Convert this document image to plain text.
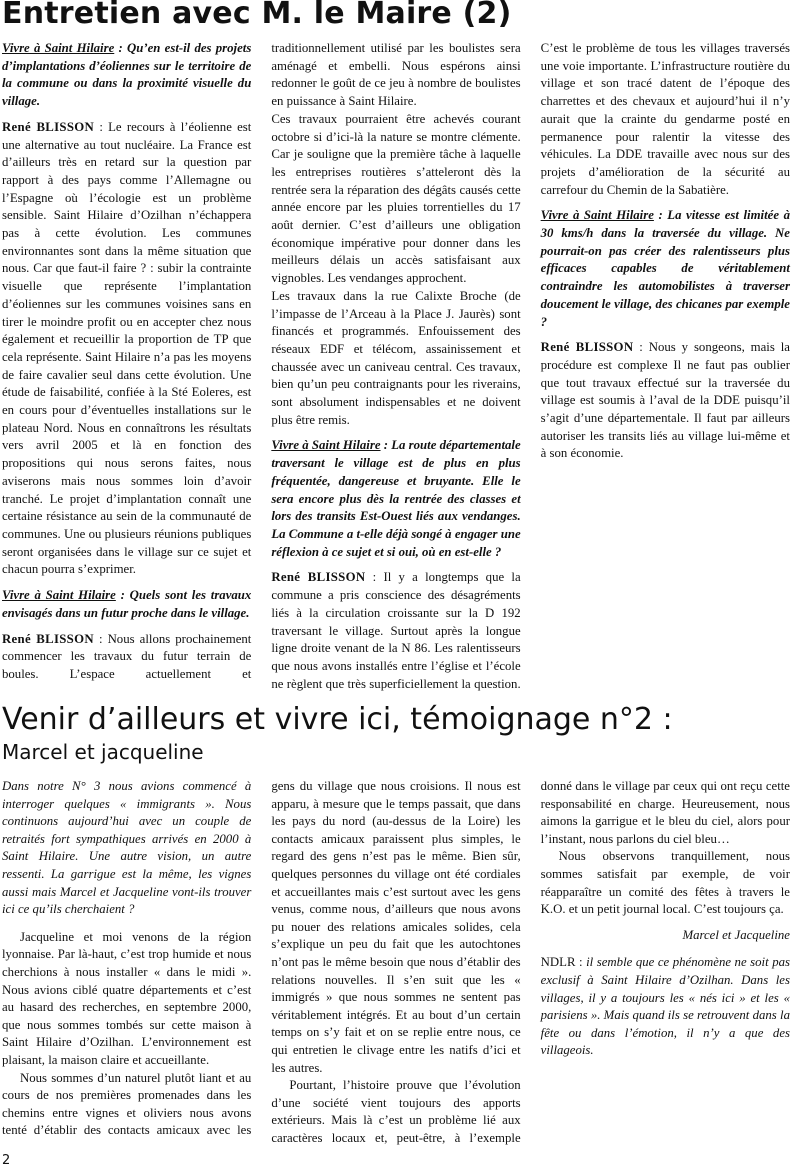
Entretien avec M. le Maire (2)

Vivre à Saint Hilaire : Qu’en est-il des projets d’implantations d’éoliennes sur le territoire de la commune ou dans la proximité visuelle du village.

René BLISSON : Le recours à l’éolienne est une alternative au tout nucléaire. La France est d’ailleurs très en retard sur la question par rapport à des pays comme l’Allemagne ou l’Espagne où l’écologie est un problème sensible. Saint Hilaire d’Ozilhan n’échappera pas à cette évolution. Les communes environnantes sont dans la même situation que nous. Car que faut-il faire ? : subir la contrainte visuelle que représente l’implantation d’éoliennes sur les communes voisines sans en tirer le moindre profit ou en accepter chez nous également et recueillir la proportion de TP que cela représente. Saint Hilaire n’a pas les moyens de faire cavalier seul dans cette évolution. Une étude de faisabilité, confiée à la Sté Eoleres, est en cours pour d’éventuelles installations sur le plateau Nord. Nous en connaîtrons les résultats vers avril 2005 et là en fonction des propositions qui nous serons faites, nous aviserons mais nous sommes loin d’avoir tranché. Le projet d’implantation connaît une certaine résistance au sein de la communauté de communes. Une ou plusieurs réunions publiques seront organisées dans le village sur ce sujet et chacun pourra s’exprimer.

Vivre à Saint Hilaire : Quels sont les travaux envisagés dans un futur proche dans le village.

René BLISSON : Nous allons prochainement commencer les travaux du futur terrain de boules. L’espace actuellement et traditionnellement utilisé par les boulistes sera aménagé et embelli. Nous espérons ainsi redonner le goût de ce jeu à nombre de boulistes en puissance à Saint Hilaire.

Ces travaux pourraient être achevés courant octobre si d’ici-là la nature se montre clémente. Car je souligne que la première tâche à laquelle les entreprises routières s’atteleront dès la rentrée sera la réparation des dégâts causés cette année encore par les pluies torrentielles du 17 août dernier. C’est d’ailleurs une obligation économique impérative pour donner dans les meilleurs délais un accès satisfaisant aux vignobles. Les vendanges approchent.

Les travaux dans la rue Calixte Broche (de l’impasse de l’Arceau à la Place J. Jaurès) sont financés et programmés. Enfouissement des réseaux EDF et télécom, assainissement et chaussée avec un caniveau central. Ces travaux, bien qu’un peu contraignants pour les riverains, sont absolument indispensables et ne doivent plus être remis.

Vivre à Saint Hilaire : La route départementale traversant le village est de plus en plus fréquentée, dangereuse et bruyante. Elle le sera encore plus dès la rentrée des classes et lors des transits Est-Ouest liés aux vendanges. La Commune a t-elle déjà songé à engager une réflexion à ce sujet et si oui, où en est-elle ?

René BLISSON : Il y a longtemps que la commune a pris conscience des désagréments liés à la circulation croissante sur la D 192 traversant le village. Surtout après la longue ligne droite venant de la N 86. Les ralentisseurs que nous avons installés entre l’église et l’école ne règlent que très superficiellement la question. C’est le problème de tous les villages traversés une voie importante. L’infrastructure routière du village et son tracé datent de l’époque des charrettes et des chevaux et aujourd’hui il n’y aurait que la crainte du gendarme posté en permanence pour ralentir la vitesse des véhicules. La DDE travaille avec nous sur des projets d’amélioration de la sécurité au carrefour du Chemin de la Sabatière.

Vivre à Saint Hilaire : La vitesse est limitée à 30 kms/h dans la traversée du village. Ne pourrait-on pas créer des ralentisseurs plus efficaces capables de véritablement contraindre les automobilistes à traverser doucement le village, des chicanes par exemple ?

René BLISSON : Nous y songeons, mais la procédure est complexe Il ne faut pas oublier que tout travaux effectué sur la traversée du village est soumis à l’aval de la DDE puisqu’il s’agit d’une départementale. Il faut par ailleurs autoriser les transits liés au village lui-même et à son économie.

Venir d’ailleurs et vivre ici, témoignage n°2 :
Marcel et jacqueline

Dans notre N° 3 nous avions commencé à interroger quelques « immigrants ». Nous continuons aujourd’hui avec un couple de retraités fort sympathiques arrivés en 2000 à Saint Hilaire. Une autre vision, un autre ressenti. La garrigue est la même, les vignes aussi mais Marcel et Jacqueline vont-ils trouver ici ce qu’ils cherchaient ?

Jacqueline et moi venons de la région lyonnaise. Par là-haut, c’est trop humide et nous cherchions à nous installer « dans le midi ». Nous avions ciblé quatre départements et c’est au hasard des recherches, en septembre 2000, que nous sommes tombés sur cette maison à Saint Hilaire d’Ozilhan. L’environnement est plaisant, la maison claire et accueillante.

Nous sommes d’un naturel plutôt liant et au cours de nos premières promenades dans les chemins entre vignes et oliviers nous avons tenté d’établir des contacts amicaux avec les gens du village que nous croisions. Il nous est apparu, à mesure que le temps passait, que dans les pays du nord (au-dessus de la Loire) les contacts amicaux paraissent plus simples, le regard des gens n’est pas le même. Bien sûr, quelques personnes du village ont été cordiales et accueillantes mais c’est surtout avec les gens venus, comme nous, d’ailleurs que nous avons pu nouer des relations amicales solides, cela s’explique un peu du fait que les autochtones n’ont pas le même besoin que nous d’établir des relations nouvelles. Il s’en suit que les « immigrés » que nous sommes ne sentent pas véritablement intégrés. Et au bout d’un certain temps on s’y fait et on se replie entre nous, ce qui entretien le clivage entre les natifs d’ici et les autres.

Pourtant, l’histoire prouve que l’évolution d’une société vient toujours des apports extérieurs. Mais là c’est un problème lié aux caractères locaux et, peut-être, à l’exemple donné dans le village par ceux qui ont reçu cette responsabilité en charge. Heureusement, nous aimons la garrigue et le bleu du ciel, alors pour l’instant, nous parlons du ciel bleu…

Nous observons tranquillement, nous sommes satisfait par exemple, de voir réapparaître un comité des fêtes à travers le K.O. et un petit journal local. C’est toujours ça.

Marcel et Jacqueline

NDLR : il semble que ce phénomène ne soit pas exclusif à Saint Hilaire d’Ozilhan. Dans les villages, il y a toujours les « nés ici » et les « parisiens ». Mais quand ils se retrouvent dans la fête ou dans l’émotion, il n’y a que des villageois.

2
